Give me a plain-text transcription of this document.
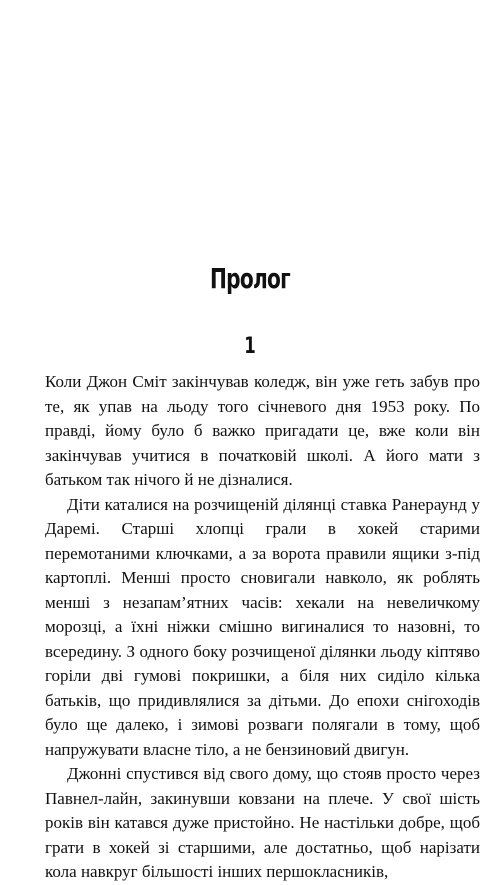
Пролог
1

Коли Джон Сміт закінчував коледж, він уже геть забув про те, як упав на льоду того січневого дня 1953 року. По правді, йому було б важко пригадати це, вже коли він закінчував учитися в початковій школі. А його мати з батьком так нічого й не дізналися.

Діти каталися на розчищеній ділянці ставка Ранераунд у Даремі. Старші хлопці грали в хокей старими перемотаними ключками, а за ворота правили ящики з-під картоплі. Менші просто сновигали навколо, як роблять менші з незапам’ятних часів: хекали на невеличкому морозці, а їхні ніжки смішно вигиналися то назовні, то всередину. З одного боку розчищеної ділянки льоду кіптяво горіли дві гумові покришки, а біля них сиділо кілька батьків, що придивлялися за дітьми. До епохи снігоходів було ще далеко, і зимові розваги полягали в тому, щоб напружувати власне тіло, а не бензиновий двигун.

Джонні спустився від свого дому, що стояв просто через Павнел-лайн, закинувши ковзани на плече. У свої шість років він катався дуже пристойно. Не настільки добре, щоб грати в хокей зі старшими, але достатньо, щоб нарізати кола навкруг більшості інших першокласників,
